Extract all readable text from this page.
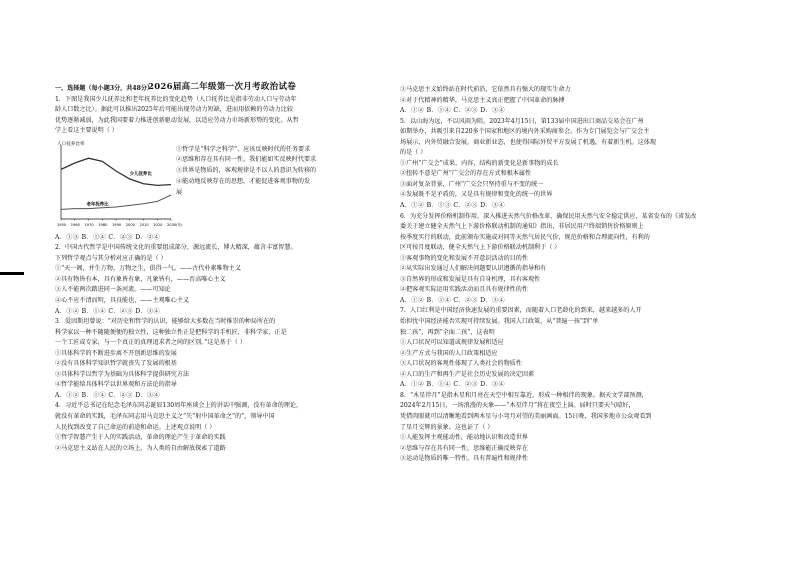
2026届高二年级第一次月考政治试卷

一、选择题（每小题3分，共48分）

1．下图是我国少儿抚养比和老年抚养比的变化趋势（人口抚养比是指非劳动人口与劳动年

龄人口数之比）。据此可以推出2025年后可能出现劳动力短缺，进而用依赖的劳动力比较

优势逐渐减弱，为此我国要着力推进创新驱动发展，以适应劳动力市场新形势的变化。从哲

学上看这主要说明（ ）

人口抚养比率
1950 1960 1970 1980 1990 2000 2010 2020 2030(年)
少儿抚养比
老年抚养比

①哲学是“科学之科学”，应该反映时代的任务要求

②思维和存在具有同一性，我们能如实反映时代要求

③世界是物质的，客观规律是不以人的意识为转移的

④能动地反映存在的思想，才能促进客观事物的发

展

A．①③ B．①④ C．②③ D．②④

2．中国古代哲学是中国传统文化的重要组成部分，源远流长，博大精深，蕴含丰富智慧。

下列哲学观点与其分析对应正确的是（ ）

①“天一阁，并生万物，万物之生，俱得一气。——古代朴素唯物主义

②具有物皆有本，具有象皆有象，凡象皆有，——否高唯心主义

③人不能两次踏进同一条河流。——可知论

④心不应不清而明，具良能也，——主观唯心主义

A．①② B．①④ C．②③ D．③④

3．爱因斯坦曾说：“对历史和哲学的认识，能够给大多数在当时推崇的种局所在的

科学家以一种不随随便便的独立性，这种独立性正是把科学的手机匠，非科学家，正是

一个工匠或专家，与一个真正的真理追求者之间的区别。”这是基于（ ）

①具体科学的不断进步离不开创新思维的发展

②没有具体科学知识哲学就丧失了发展的根基

③具体科学以哲学为基础为具体科学提供研究方法

④哲学能给具体科学以世界观和方法论的指导

A．①② B．①④ C．②③ D．③④

4．习近平总书记在纪念毛泽东同志诞辰130周年座谈会上的讲话中强调，没有革命的理论，

就没有革命的实践，毛泽东同志用马克思主义之“矢”射中国革命之“的”，领导中国

人民找到改变了自己命运的前途和命运。上述观点说明（ ）

①哲学智慧产生于人的实践活动，革命的理论产生于革命的实践

②马克思主义站在人民的立场上，为人类的自由解放探索了道路

③马克思主义始终站在时代前沿，它依然具有强大的现实生命力

④对于代精神的精华，马克思主义真正把握了中国革命的脉搏

A．①② B．①④ C．②③ D．③④

5．以山海为远，不以风雨为阻。2023年4月15日，第133届中国进出口商品交易会在广州

如期举办，共吸引来自220多个国家和地区的境内外采购商参会。作为专门展览会与广交会主

场展示，内外贸融合发展，商业新业态，也使得国际外贸平方发展了机遇，有着新生机。这体现

的是（ ）

①广州“广交会”成果、内容，结构的新变化是新事物的成长

②扭转不意是广州“广交会的存在方式和根本属性

③面对复杂背景，广州“广交会只坚持重与不变的统一

④发展既不是矛盾的，又是具有规律和变化的统一的世界

A．①② B．①③ C．②③ D．③④

6．为充分发挥价格机制作用，深入推进天然气价格改革，确保民用天然气安全稳定供应，某省发布的《省发改

委关于建立健全天然气上下游价格联动机制的通知》指出，非居民用户终端销售价格原则上

按季度实行的联动，此前颁布实施或对同等天然气居民气价，规范价格和合理流向性，有利的

区可按月度联动，健全天然气上下游价格联动机制利于（ ）

①客观事物的变化和发展不开意识活动的目的性

②从实际出发通过人们解决问题要认识遵循的指导和有

③自然界的形成和发展是具有自身机理，具有客观性

④把客观实际运用实践活动而且具有规律性的性

A．①② B．①④ C．②③ D．③④

7．人口红利是中国经济快速发展的重要因素，而随着人口老龄化的到来，越来越多的人开

始担忧中国经济能否实现可持续发展。我国人口政策，从“普遍一孩”到“单

独二孩”，再到“全面二孩”，这表明

①人口状况可以知道或规律发展和适应

②生产方式与我国的人口政策相适应

③人口状况的客观性体现了人类社会的物质性

④人口的生产和再生产是社会历史发展的决定因素

A．①② B．①④ C．②③ D．③④

8．“木星伴月”是指木星和月亮在天空中相互靠近，形成一种相伴的现象。据天文学部预测，

2024年2月15日，一场浪漫的天象——“木星伴月”将在夜空上演。届时只要天气晴好，

凭借肉眼就可以清晰地看到两木星与小弯月对望的美丽画面。15日晚，我国多地市公众观看到

了星月交辉的景象。这也证了（ ）

①人能发挥主观能动性，能动地认识和改造世界

②思维与存在具有同一性，思维能正确反映存在

③运动是物质的唯一特性，具有普遍性和规律性
